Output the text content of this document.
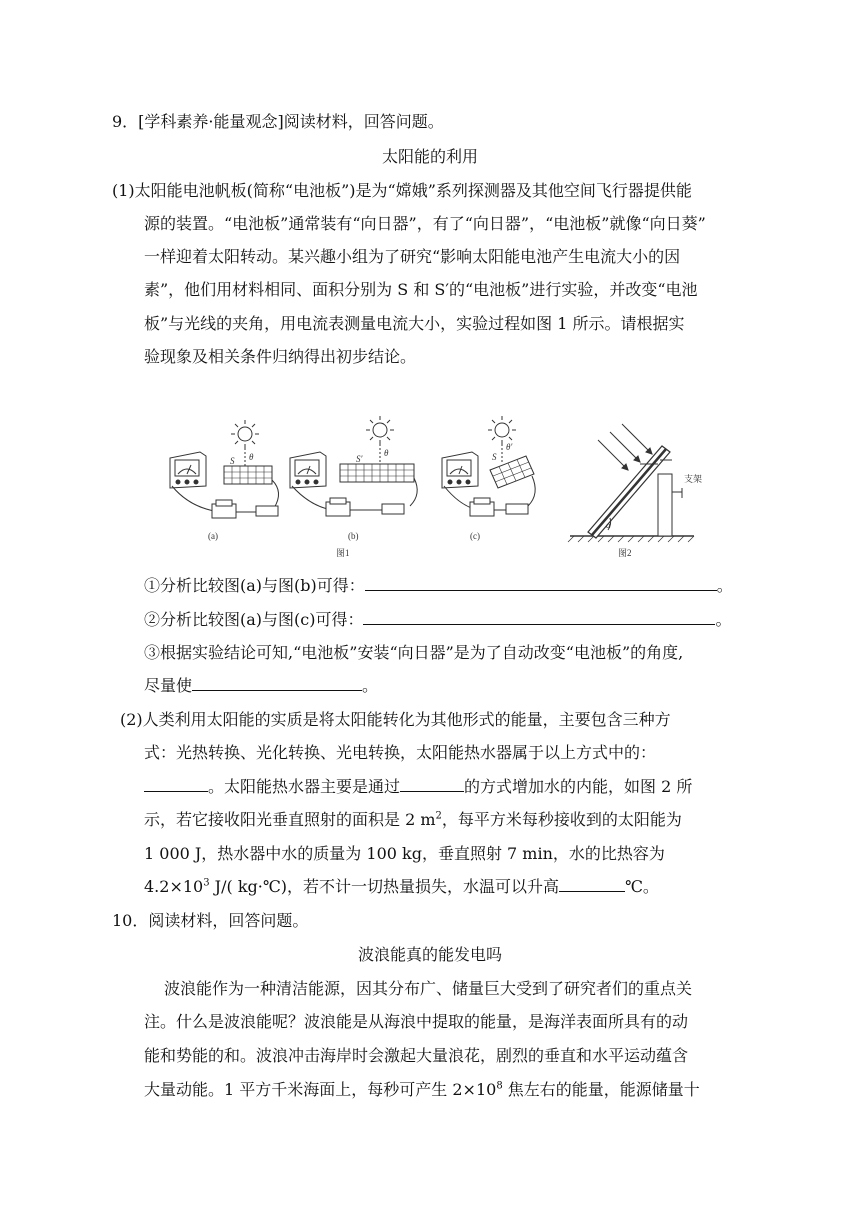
9．[学科素养·能量观念]阅读材料，回答问题。
太阳能的利用
(1)太阳能电池帆板(简称“电池板”)是为“嫦娥”系列探测器及其他空间飞行器提供能
源的装置。“电池板”通常装有“向日器”，有了“向日器”，“电池板”就像“向日葵”
一样迎着太阳转动。某兴趣小组为了研究“影响太阳能电池产生电流大小的因
素”，他们用材料相同、面积分别为 S 和 S′的“电池板”进行实验，并改变“电池
板”与光线的夹角，用电流表测量电流大小，实验过程如图 1 所示。请根据实
验现象及相关条件归纳得出初步结论。
S θ	S′
θ	S
θ′
α
支架
(a)	(b)	(c)
图1	图2
①分析比较图(a)与图(b)可得：	。
②分析比较图(a)与图(c)可得：	。
③根据实验结论可知,“电池板”安装“向日器”是为了自动改变“电池板”的角度,
尽量使	。
(2)人类利用太阳能的实质是将太阳能转化为其他形式的能量，主要包含三种方
式：光热转换、光化转换、光电转换，太阳能热水器属于以上方式中的：
。太阳能热水器主要是通过	的方式增加水的内能，如图 2 所
示，若它接收阳光垂直照射的面积是 2 $m^2$，每平方米每秒接收到的太阳能为
1 000 J，热水器中水的质量为 100 kg，垂直照射 7 min，水的比热容为
$4.2\times 10^3$ J/( kg·℃)，若不计一切热量损失，水温可以升高	℃。
10．阅读材料，回答问题。
波浪能真的能发电吗
波浪能作为一种清洁能源，因其分布广、储量巨大受到了研究者们的重点关
注。什么是波浪能呢？波浪能是从海浪中提取的能量，是海洋表面所具有的动
能和势能的和。波浪冲击海岸时会激起大量浪花，剧烈的垂直和水平运动蕴含
大量动能。1 平方千米海面上，每秒可产生 $2\times 10^8$ 焦左右的能量，能源储量十
